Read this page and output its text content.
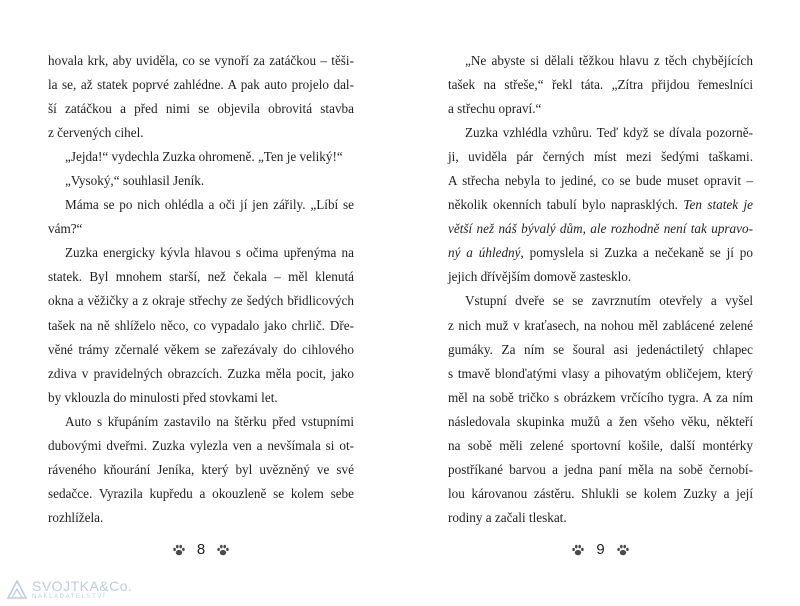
hovala krk, aby uviděla, co se vynoří za zatáčkou – těši-
la se, až statek poprvé zahlédne. A pak auto projelo dal-
ší zatáčkou a před nimi se objevila obrovitá stavba
z červených cihel.
„Jejda!“ vydechla Zuzka ohromeně. „Ten je veliký!“
„Vysoký,“ souhlasil Jeník.
Máma se po nich ohlédla a oči jí jen zářily. „Líbí se
vám?“
Zuzka energicky kývla hlavou s očima upřenýma na
statek. Byl mnohem starší, než čekala – měl klenutá
okna a věžičky a z okraje střechy ze šedých břidlicových
tašek na ně shlíželo něco, co vypadalo jako chrlič. Dře-
věné trámy zčernalé věkem se zařezávaly do cihlového
zdiva v pravidelných obrazcích. Zuzka měla pocit, jako
by vklouzla do minulosti před stovkami let.
Auto s křupáním zastavilo na štěrku před vstupními
dubovými dveřmi. Zuzka vylezla ven a nevšímala si ot-
ráveného kňourání Jeníka, který byl uvězněný ve své
sedačce. Vyrazila kupředu a okouzleně se kolem sebe
rozhlížela.
8
„Ne abyste si dělali těžkou hlavu z těch chybějících
tašek na střeše,“ řekl táta. „Zítra přijdou řemeslníci
a střechu opraví.“
Zuzka vzhlédla vzhůru. Teď když se dívala pozorně-
ji, uviděla pár černých míst mezi šedými taškami.
A střecha nebyla to jediné, co se bude muset opravit –
několik okenních tabulí bylo naprasklých. Ten statek je
větší než náš bývalý dům, ale rozhodně není tak upravo-
ný a úhledný, pomyslela si Zuzka a nečekaně se jí po
jejich dřívějším domově zastesklo.
Vstupní dveře se se zavrznutím otevřely a vyšel
z nich muž v kraťasech, na nohou měl zablácené zelené
gumáky. Za ním se šoural asi jedenáctiletý chlapec
s tmavě blonďatými vlasy a pihovatým obličejem, který
měl na sobě tričko s obrázkem vrčícího tygra. A za ním
následovala skupinka mužů a žen všeho věku, někteří
na sobě měli zelené sportovní košile, další montérky
postříkané barvou a jedna paní měla na sobě černobí-
lou károvanou zástěru. Shlukli se kolem Zuzky a její
rodiny a začali tleskat.
9
SVOJTKA&Co.
NAKLADATELSTVÍ
